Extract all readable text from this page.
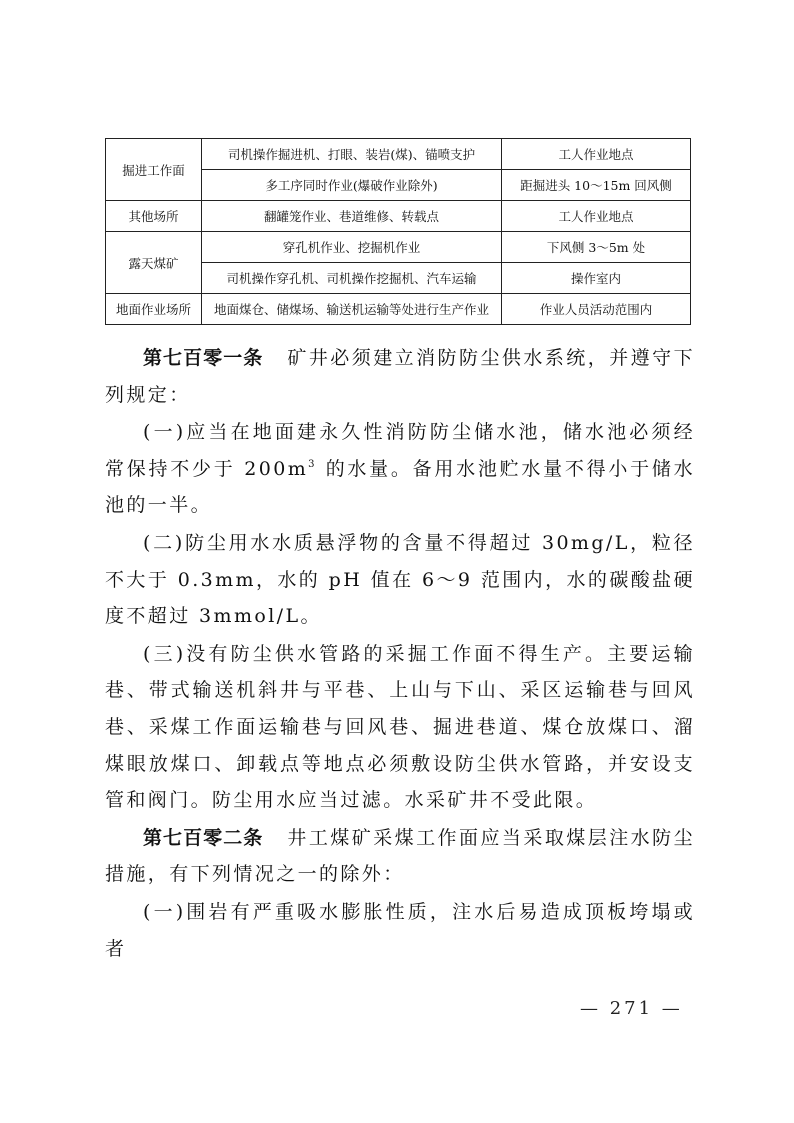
掘进工作面	司机操作掘进机、打眼、装岩(煤)、锚喷支护	工人作业地点
	多工序同时作业(爆破作业除外)	距掘进头 10～15m 回风侧
其他场所	翻罐笼作业、巷道维修、转载点	工人作业地点
露天煤矿	穿孔机作业、挖掘机作业	下风侧 3～5m 处
	司机操作穿孔机、司机操作挖掘机、汽车运输	操作室内
地面作业场所	地面煤仓、储煤场、输送机运输等处进行生产作业	作业人员活动范围内

第七百零一条 矿井必须建立消防防尘供水系统，并遵守下列规定：

(一)应当在地面建永久性消防防尘储水池，储水池必须经常保持不少于 $200m^3$ 的水量。备用水池贮水量不得小于储水池的一半。

(二)防尘用水水质悬浮物的含量不得超过 30mg/L，粒径不大于 0.3mm，水的 pH 值在 6～9 范围内，水的碳酸盐硬度不超过 3mmol/L。

(三)没有防尘供水管路的采掘工作面不得生产。主要运输巷、带式输送机斜井与平巷、上山与下山、采区运输巷与回风巷、采煤工作面运输巷与回风巷、掘进巷道、煤仓放煤口、溜煤眼放煤口、卸载点等地点必须敷设防尘供水管路，并安设支管和阀门。防尘用水应当过滤。水采矿井不受此限。

第七百零二条 井工煤矿采煤工作面应当采取煤层注水防尘措施，有下列情况之一的除外：

(一)围岩有严重吸水膨胀性质，注水后易造成顶板垮塌或者

— 271 —
